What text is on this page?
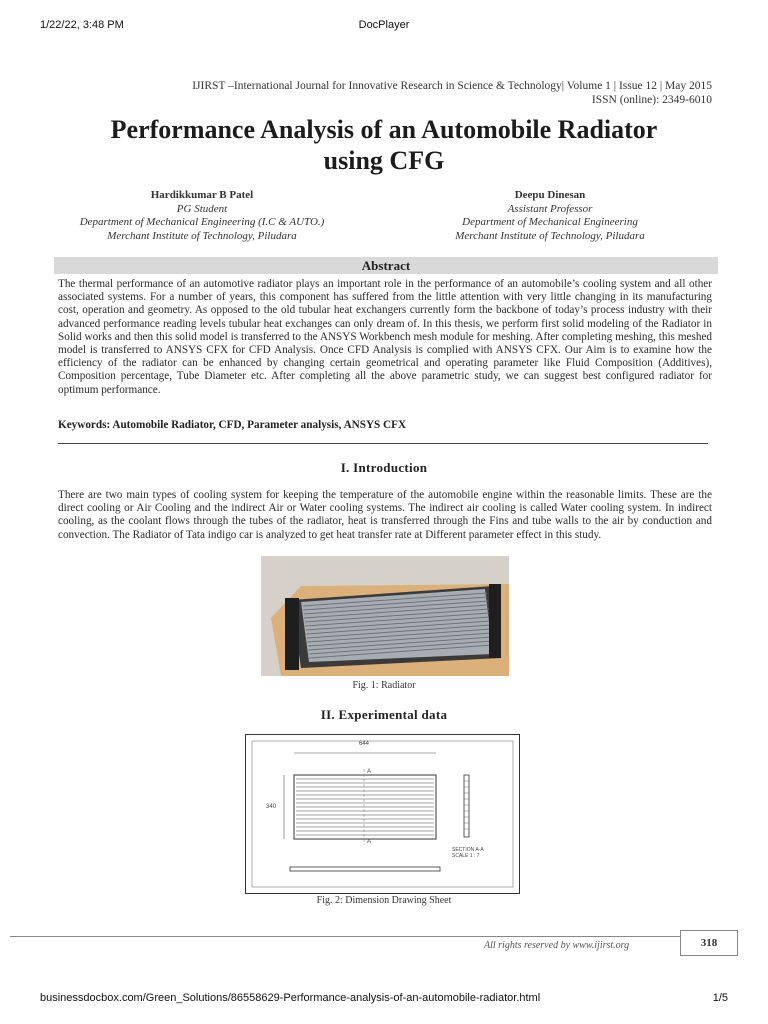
1/22/22, 3:48 PM	DocPlayer
IJIRST –International Journal for Innovative Research in Science & Technology| Volume 1 | Issue 12 | May 2015
ISSN (online): 2349-6010
Performance Analysis of an Automobile Radiator
using CFG
Hardikkumar B Patel
PG Student
Department of Mechanical Engineering (I.C & AUTO.)
Merchant Institute of Technology, Piludara
Deepu Dinesan
Assistant Professor
Department of Mechanical Engineering
Merchant Institute of Technology, Piludara
Abstract
The thermal performance of an automotive radiator plays an important role in the performance of an automobile’s cooling system and all other associated systems. For a number of years, this component has suffered from the little attention with very little changing in its manufacturing cost, operation and geometry. As opposed to the old tubular heat exchangers currently form the backbone of today’s process industry with their advanced performance reading levels tubular heat exchanges can only dream of. In this thesis, we perform first solid modeling of the Radiator in Solid works and then this solid model is transferred to the ANSYS Workbench mesh module for meshing. After completing meshing, this meshed model is transferred to ANSYS CFX for CFD Analysis. Once CFD Analysis is complied with ANSYS CFX. Our Aim is to examine how the efficiency of the radiator can be enhanced by changing certain geometrical and operating parameter like Fluid Composition (Additives), Composition percentage, Tube Diameter etc. After completing all the above parametric study, we can suggest best configured radiator for optimum performance.
Keywords: Automobile Radiator, CFD, Parameter analysis, ANSYS CFX
I. Introduction
There are two main types of cooling system for keeping the temperature of the automobile engine within the reasonable limits. These are the direct cooling or Air Cooling and the indirect Air or Water cooling systems. The indirect air cooling is called Water cooling system. In indirect cooling, as the coolant flows through the tubes of the radiator, heat is transferred through the Fins and tube walls to the air by conduction and convection. The Radiator of Tata indigo car is analyzed to get heat transfer rate at Different parameter effect in this study.
Fig. 1: Radiator
II. Experimental data
644
340
A
A
SECTION A-A
SCALE 1 : 7
Fig. 2: Dimension Drawing Sheet
All rights reserved by www.ijirst.org	318
businessdocbox.com/Green_Solutions/86558629-Performance-analysis-of-an-automobile-radiator.html	1/5
